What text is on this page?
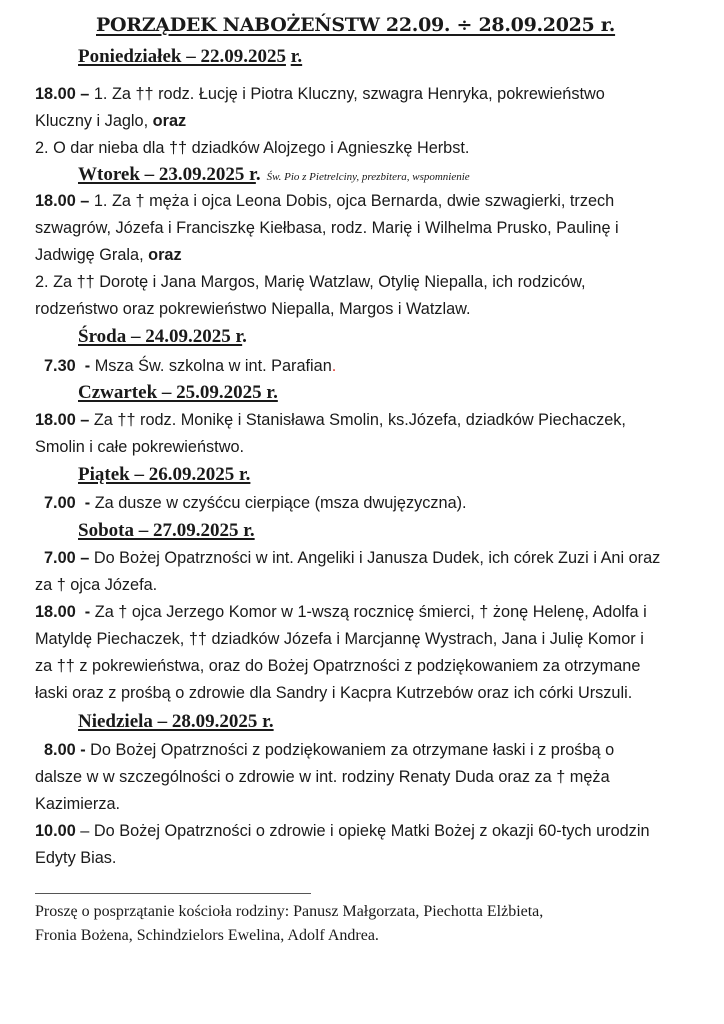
PORZĄDEK NABOŻEŃSTW 22.09. ÷ 28.09.2025 r.
Poniedziałek – 22.09.2025 r.
18.00 – 1. Za †† rodz. Łucję i Piotra Kluczny, szwagra Henryka, pokrewieństwo
Kluczny i Jaglo, oraz
2. O dar nieba dla †† dziadków Alojzego i Agnieszkę Herbst.
Wtorek – 23.09.2025 r. Św. Pio z Pietrelciny, prezbitera, wspomnienie
18.00 – 1. Za † męża i ojca Leona Dobis, ojca Bernarda, dwie szwagierki, trzech
szwagrów, Józefa i Franciszkę Kiełbasa, rodz. Marię i Wilhelma Prusko, Paulinę i
Jadwigę Grala, oraz
2. Za †† Dorotę i Jana Margos, Marię Watzlaw, Otylię Niepalla, ich rodziców,
rodzeństwo oraz pokrewieństwo Niepalla, Margos i Watzlaw.
Środa – 24.09.2025 r.
7.30  - Msza Św. szkolna w int. Parafian.
Czwartek – 25.09.2025 r.
18.00 – Za †† rodz. Monikę i Stanisława Smolin, ks.Józefa, dziadków Piechaczek,
Smolin i całe pokrewieństwo.
Piątek – 26.09.2025 r.
7.00  - Za dusze w czyśćcu cierpiące (msza dwujęzyczna).
Sobota – 27.09.2025 r.
7.00 – Do Bożej Opatrzności w int. Angeliki i Janusza Dudek, ich córek Zuzi i Ani oraz
za † ojca Józefa.
18.00  - Za † ojca Jerzego Komor w 1-wszą rocznicę śmierci, † żonę Helenę, Adolfa i
Matyldę Piechaczek, †† dziadków Józefa i Marcjannę Wystrach, Jana i Julię Komor i
za †† z pokrewieństwa, oraz do Bożej Opatrzności z podziękowaniem za otrzymane
łaski oraz z prośbą o zdrowie dla Sandry i Kacpra Kutrzebów oraz ich córki Urszuli.
Niedziela – 28.09.2025 r.
8.00 - Do Bożej Opatrzności z podziękowaniem za otrzymane łaski i z prośbą o
dalsze w w szczególności o zdrowie w int. rodziny Renaty Duda oraz za † męża
Kazimierza.
10.00 – Do Bożej Opatrzności o zdrowie i opiekę Matki Bożej z okazji 60-tych urodzin
Edyty Bias.
Proszę o posprzątanie kościoła rodziny: Panusz Małgorzata, Piechotta Elżbieta,
Fronia Bożena, Schindzielors Ewelina, Adolf Andrea.
